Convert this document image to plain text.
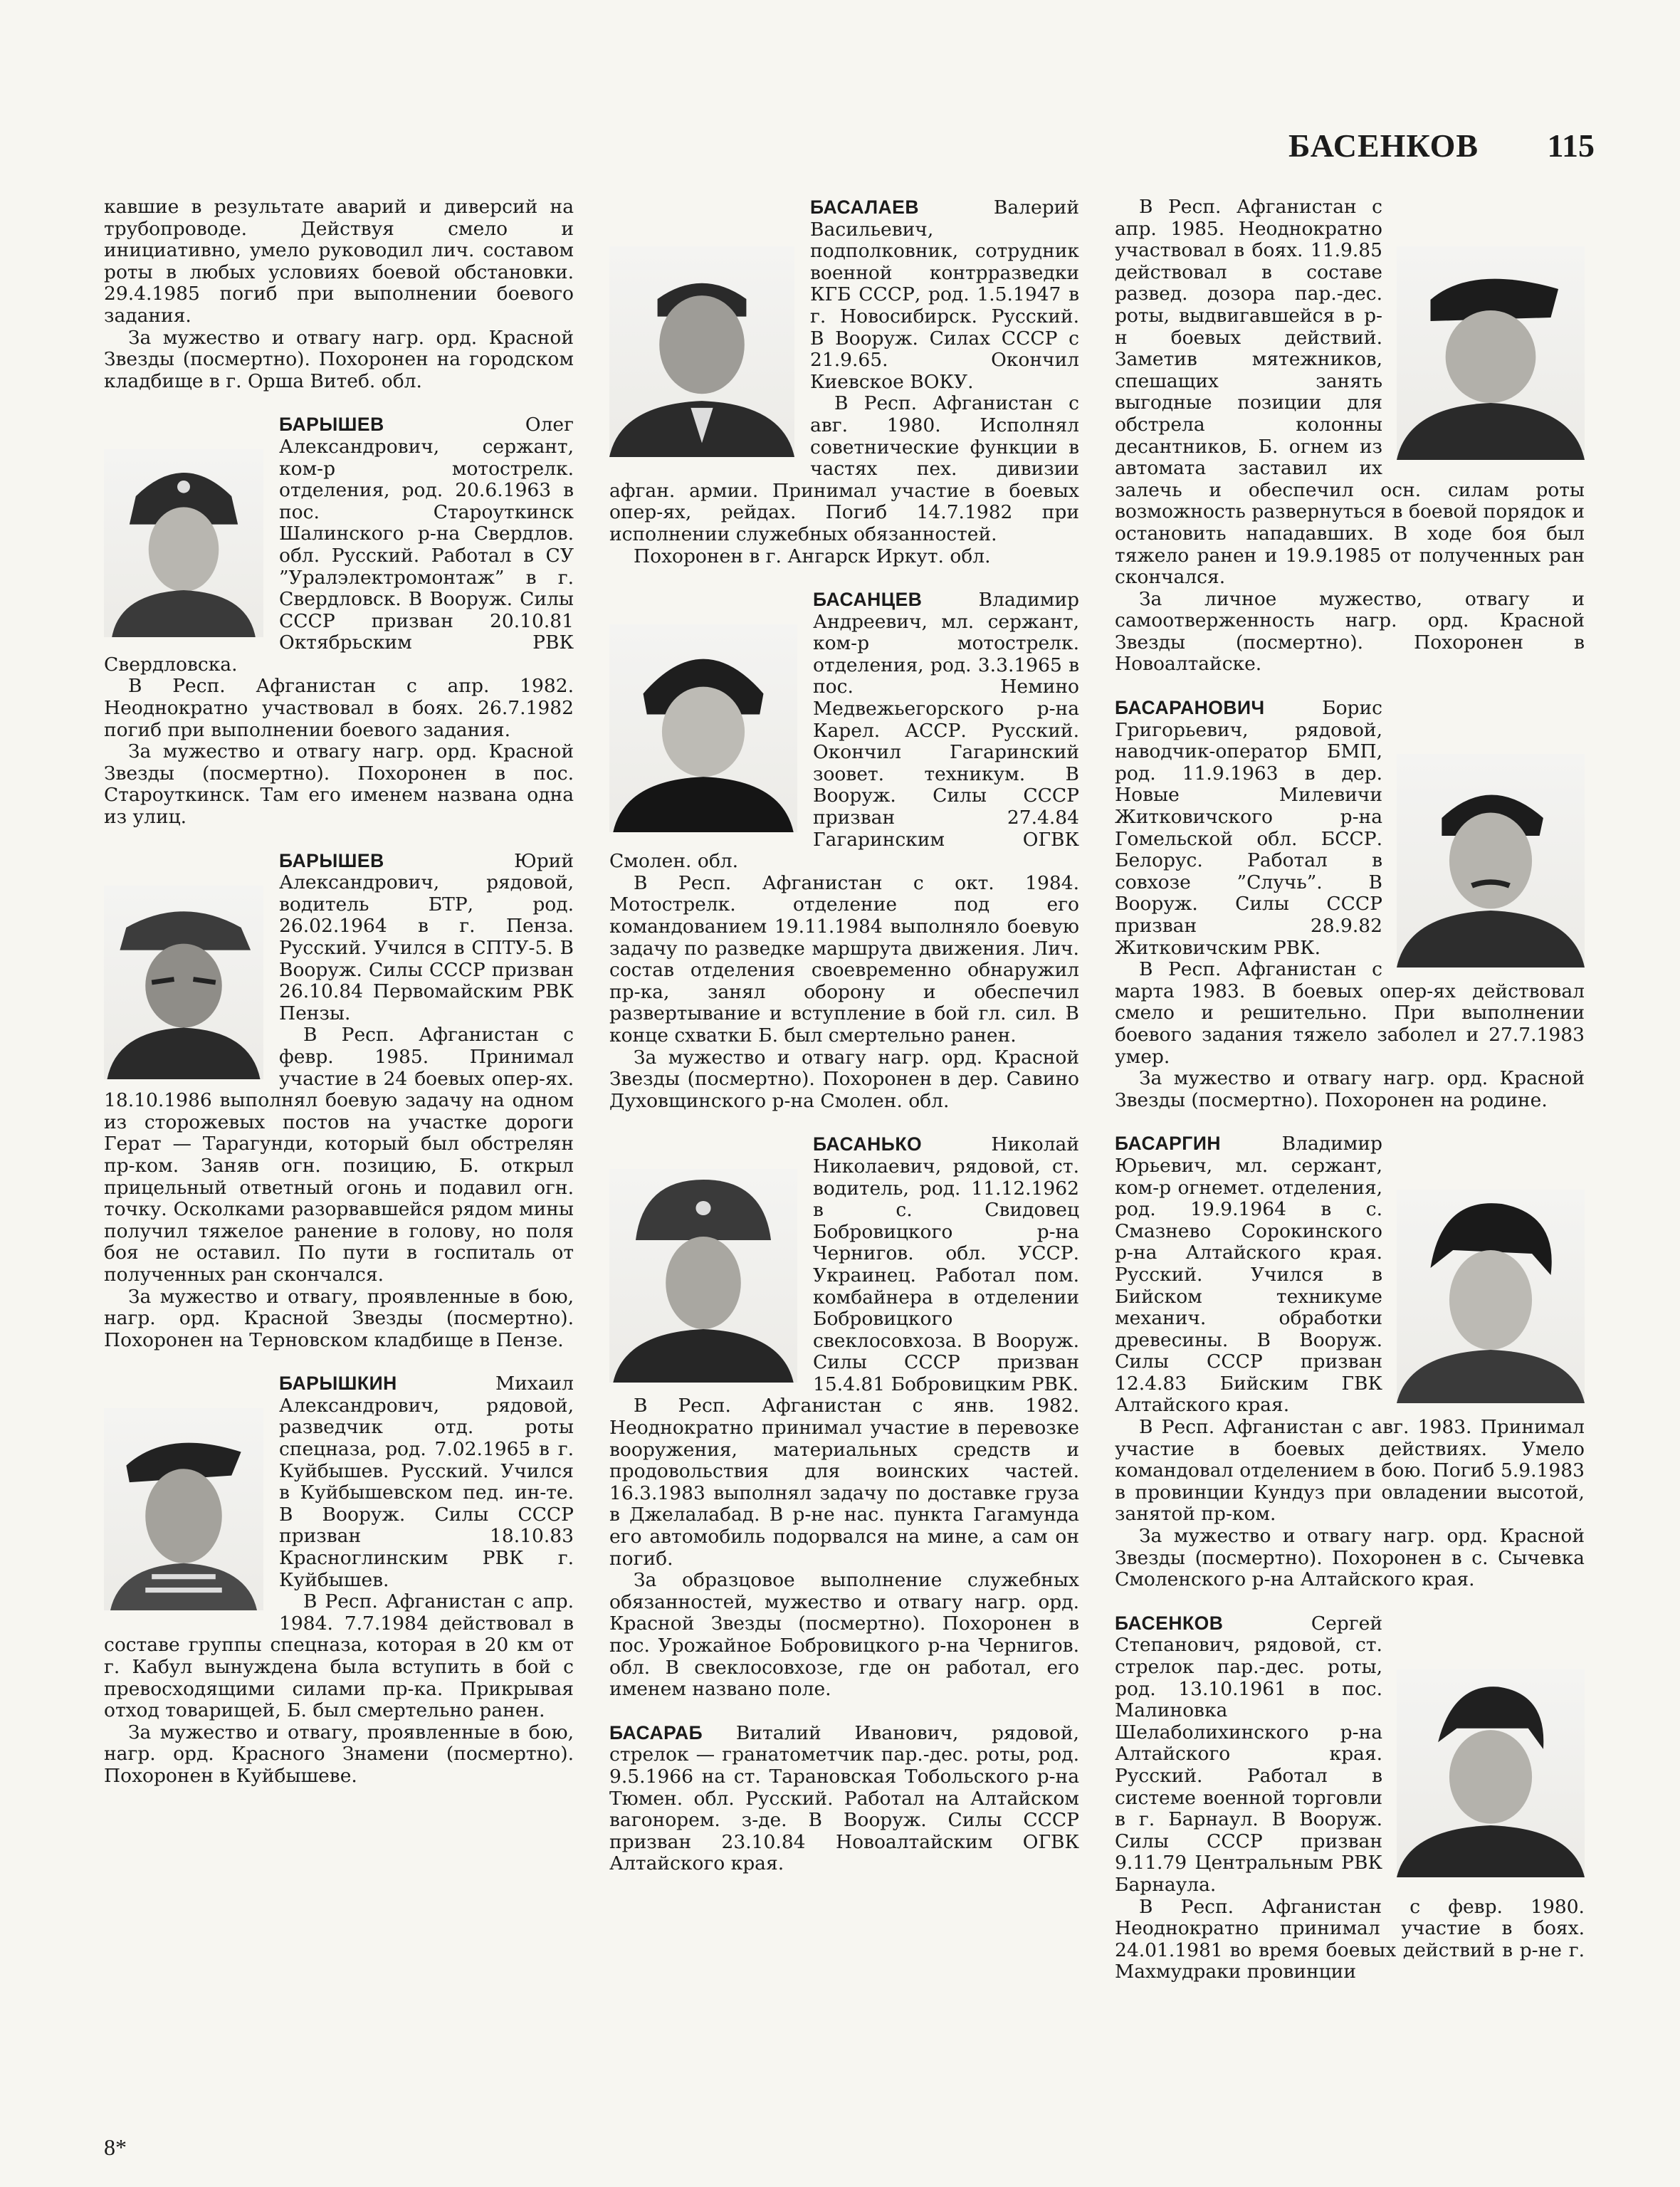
БАСЕНКОВ 115

кавшие в результате аварий и диверсий на трубопроводе. Действуя смело и инициативно, умело руководил лич. составом роты в любых условиях боевой обстановки. 29.4.1985 погиб при выполнении боевого задания.

За мужество и отвагу нагр. орд. Красной Звезды (посмертно). Похоронен на городском кладбище в г. Орша Витеб. обл.

БАРЫШЕВ Олег Александрович, сержант, ком-р мотострелк. отделения, род. 20.6.1963 в пос. Староуткинск Шалинского р-на Свердлов. обл. Русский. Работал в СУ ”Уралэлектромонтаж” в г. Свердловск. В Вооруж. Силы СССР призван 20.10.81 Октябрьским РВК Свердловска.

В Респ. Афганистан с апр. 1982. Неоднократно участвовал в боях. 26.7.1982 погиб при выполнении боевого задания.

За мужество и отвагу нагр. орд. Красной Звезды (посмертно). Похоронен в пос. Староуткинск. Там его именем названа одна из улиц.

БАРЫШЕВ Юрий Александрович, рядовой, водитель БТР, род. 26.02.1964 в г. Пенза. Русский. Учился в СПТУ-5. В Вооруж. Силы СССР призван 26.10.84 Первомайским РВК Пензы.

В Респ. Афганистан с февр. 1985. Принимал участие в 24 боевых опер-ях. 18.10.1986 выполнял боевую задачу на одном из сторожевых постов на участке дороги Герат — Тарагунди, который был обстрелян пр-ком. Заняв огн. позицию, Б. открыл прицельный ответный огонь и подавил огн. точку. Осколками разорвавшейся рядом мины получил тяжелое ранение в голову, но поля боя не оставил. По пути в госпиталь от полученных ран скончался.

За мужество и отвагу, проявленные в бою, нагр. орд. Красной Звезды (посмертно). Похоронен на Терновском кладбище в Пензе.

БАРЫШКИН Михаил Александрович, рядовой, разведчик отд. роты спецназа, род. 7.02.1965 в г. Куйбышев. Русский. Учился в Куйбышевском пед. ин-те. В Вооруж. Силы СССР призван 18.10.83 Красноглинским РВК г. Куйбышев.

В Респ. Афганистан с апр. 1984. 7.7.1984 действовал в составе группы спецназа, которая в 20 км от г. Кабул вынуждена была вступить в бой с превосходящими силами пр-ка. Прикрывая отход товарищей, Б. был смертельно ранен.

За мужество и отвагу, проявленные в бою, нагр. орд. Красного Знамени (посмертно). Похоронен в Куйбышеве.

БАСАЛАЕВ Валерий Васильевич, подполковник, сотрудник военной контрразведки КГБ СССР, род. 1.5.1947 в г. Новосибирск. Русский. В Вооруж. Силах СССР с 21.9.65. Окончил Киевское ВОКУ.

В Респ. Афганистан с авг. 1980. Исполнял советнические функции в частях пех. дивизии афган. армии. Принимал участие в боевых опер-ях, рейдах. Погиб 14.7.1982 при исполнении служебных обязанностей.

Похоронен в г. Ангарск Иркут. обл.

БАСАНЦЕВ Владимир Андреевич, мл. сержант, ком-р мотострелк. отделения, род. 3.3.1965 в пос. Немино Медвежьегорского р-на Карел. АССР. Русский. Окончил Гагаринский зоовет. техникум. В Вооруж. Силы СССР призван 27.4.84 Гагаринским ОГВК Смолен. обл.

В Респ. Афганистан с окт. 1984. Мотострелк. отделение под его командованием 19.11.1984 выполняло боевую задачу по разведке маршрута движения. Лич. состав отделения своевременно обнаружил пр-ка, занял оборону и обеспечил развертывание и вступление в бой гл. сил. В конце схватки Б. был смертельно ранен.

За мужество и отвагу нагр. орд. Красной Звезды (посмертно). Похоронен в дер. Савино Духовщинского р-на Смолен. обл.

БАСАНЬКО Николай Николаевич, рядовой, ст. водитель, род. 11.12.1962 в с. Свидовец Бобровицкого р-на Чернигов. обл. УССР. Украинец. Работал пом. комбайнера в отделении Бобровицкого свеклосовхоза. В Вооруж. Силы СССР призван 15.4.81 Бобровицким РВК.

В Респ. Афганистан с янв. 1982. Неоднократно принимал участие в перевозке вооружения, материальных средств и продовольствия для воинских частей. 16.3.1983 выполнял задачу по доставке груза в Джелалабад. В р-не нас. пункта Гагамунда его автомобиль подорвался на мине, а сам он погиб.

За образцовое выполнение служебных обязанностей, мужество и отвагу нагр. орд. Красной Звезды (посмертно). Похоронен в пос. Урожайное Бобровицкого р-на Чернигов. обл. В свеклосовхозе, где он работал, его именем названо поле.

БАСАРАБ Виталий Иванович, рядовой, стрелок — гранатометчик пар.-дес. роты, род. 9.5.1966 на ст. Тарановская Тобольского р-на Тюмен. обл. Русский. Работал на Алтайском вагонорем. з-де. В Вооруж. Силы СССР призван 23.10.84 Новоалтайским ОГВК Алтайского края.

В Респ. Афганистан с апр. 1985. Неоднократно участвовал в боях. 11.9.85 действовал в составе развед. дозора пар.-дес. роты, выдвигавшейся в р-н боевых действий. Заметив мятежников, спешащих занять выгодные позиции для обстрела колонны десантников, Б. огнем из автомата заставил их залечь и обеспечил осн. силам роты возможность развернуться в боевой порядок и остановить нападавших. В ходе боя был тяжело ранен и 19.9.1985 от полученных ран скончался.

За личное мужество, отвагу и самоотверженность нагр. орд. Красной Звезды (посмертно). Похоронен в Новоалтайске.

БАСАРАНОВИЧ Борис Григорьевич, рядовой, наводчик-оператор БМП, род. 11.9.1963 в дер. Новые Милевичи Житковичского р-на Гомельской обл. БССР. Белорус. Работал в совхозе ”Случь”. В Вооруж. Силы СССР призван 28.9.82 Житковичским РВК.

В Респ. Афганистан с марта 1983. В боевых опер-ях действовал смело и решительно. При выполнении боевого задания тяжело заболел и 27.7.1983 умер.

За мужество и отвагу нагр. орд. Красной Звезды (посмертно). Похоронен на родине.

БАСАРГИН Владимир Юрьевич, мл. сержант, ком-р огнемет. отделения, род. 19.9.1964 в с. Смазнево Сорокинского р-на Алтайского края. Русский. Учился в Бийском техникуме механич. обработки древесины. В Вооруж. Силы СССР призван 12.4.83 Бийским ГВК Алтайского края.

В Респ. Афганистан с авг. 1983. Принимал участие в боевых действиях. Умело командовал отделением в бою. Погиб 5.9.1983 в провинции Кундуз при овладении высотой, занятой пр-ком.

За мужество и отвагу нагр. орд. Красной Звезды (посмертно). Похоронен в с. Сычевка Смоленского р-на Алтайского края.

БАСЕНКОВ Сергей Степанович, рядовой, ст. стрелок пар.-дес. роты, род. 13.10.1961 в пос. Малиновка Шелаболихинского р-на Алтайского края. Русский. Работал в системе военной торговли в г. Барнаул. В Вооруж. Силы СССР призван 9.11.79 Центральным РВК Барнаула.

В Респ. Афганистан с февр. 1980. Неоднократно принимал участие в боях. 24.01.1981 во время боевых действий в р-не г. Махмудраки провинции

8*
